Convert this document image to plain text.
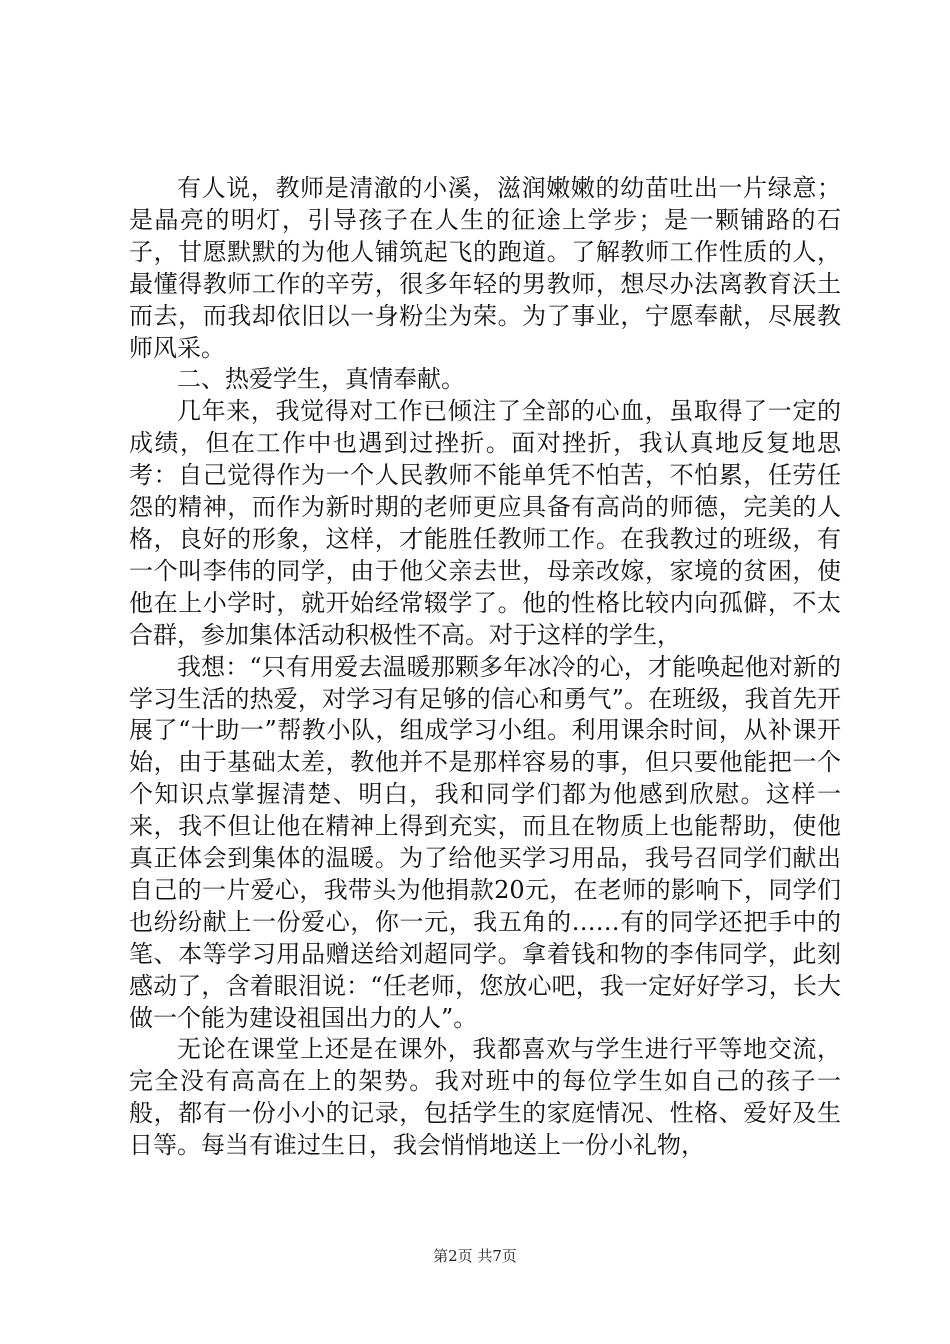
有人说，教师是清澈的小溪，滋润嫩嫩的幼苗吐出一片绿意；是晶亮的明灯，引导孩子在人生的征途上学步；是一颗铺路的石子，甘愿默默的为他人铺筑起飞的跑道。了解教师工作性质的人，最懂得教师工作的辛劳，很多年轻的男教师，想尽办法离教育沃土而去，而我却依旧以一身粉尘为荣。为了事业，宁愿奉献，尽展教师风采。

二、热爱学生，真情奉献。

几年来，我觉得对工作已倾注了全部的心血，虽取得了一定的成绩，但在工作中也遇到过挫折。面对挫折，我认真地反复地思考：自己觉得作为一个人民教师不能单凭不怕苦，不怕累，任劳任怨的精神，而作为新时期的老师更应具备有高尚的师德，完美的人格，良好的形象，这样，才能胜任教师工作。在我教过的班级，有一个叫李伟的同学，由于他父亲去世，母亲改嫁，家境的贫困，使他在上小学时，就开始经常辍学了。他的性格比较内向孤僻，不太合群，参加集体活动积极性不高。对于这样的学生，

我想：“只有用爱去温暖那颗多年冰冷的心，才能唤起他对新的学习生活的热爱，对学习有足够的信心和勇气”。在班级，我首先开展了“十助一”帮教小队，组成学习小组。利用课余时间，从补课开始，由于基础太差，教他并不是那样容易的事，但只要他能把一个个知识点掌握清楚、明白，我和同学们都为他感到欣慰。这样一来，我不但让他在精神上得到充实，而且在物质上也能帮助，使他真正体会到集体的温暖。为了给他买学习用品，我号召同学们献出自己的一片爱心，我带头为他捐款20元，在老师的影响下，同学们也纷纷献上一份爱心，你一元，我五角的……有的同学还把手中的笔、本等学习用品赠送给刘超同学。拿着钱和物的李伟同学，此刻感动了，含着眼泪说：“任老师，您放心吧，我一定好好学习，长大做一个能为建设祖国出力的人”。

无论在课堂上还是在课外，我都喜欢与学生进行平等地交流，完全没有高高在上的架势。我对班中的每位学生如自己的孩子一般，都有一份小小的记录，包括学生的家庭情况、性格、爱好及生日等。每当有谁过生日，我会悄悄地送上一份小礼物，

第2页 共7页
